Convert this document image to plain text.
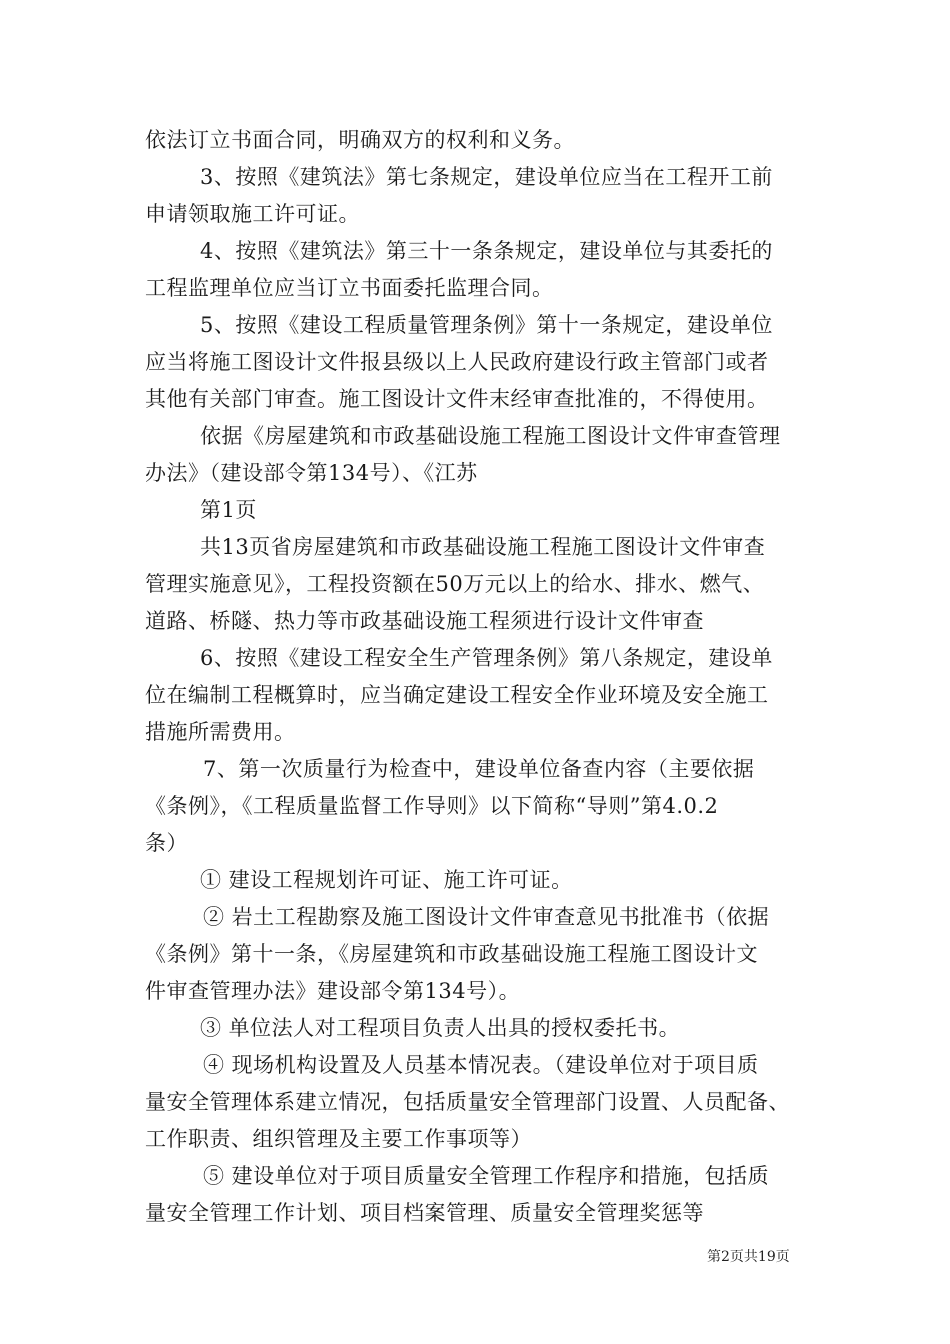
依法订立书面合同，明确双方的权利和义务。
3、按照《建筑法》第七条规定，建设单位应当在工程开工前
申请领取施工许可证。
4、按照《建筑法》第三十一条条规定，建设单位与其委托的
工程监理单位应当订立书面委托监理合同。
5、按照《建设工程质量管理条例》第十一条规定，建设单位
应当将施工图设计文件报县级以上人民政府建设行政主管部门或者
其他有关部门审查。施工图设计文件末经审查批准的，不得使用。
依据《房屋建筑和市政基础设施工程施工图设计文件审查管理
办法》（建设部令第134号）、《江苏
第1页
共13页省房屋建筑和市政基础设施工程施工图设计文件审查
管理实施意见》，工程投资额在50万元以上的给水、排水、燃气、
道路、桥隧、热力等市政基础设施工程须进行设计文件审查
6、按照《建设工程安全生产管理条例》第八条规定，建设单
位在编制工程概算时，应当确定建设工程安全作业环境及安全施工
措施所需费用。
7、第一次质量行为检查中，建设单位备查内容（主要依据
《条例》，《工程质量监督工作导则》以下简称“导则”第4.0.2
条）
① 建设工程规划许可证、施工许可证。
② 岩土工程勘察及施工图设计文件审查意见书批准书（依据
《条例》第十一条，《房屋建筑和市政基础设施工程施工图设计文
件审查管理办法》建设部令第134号）。
③ 单位法人对工程项目负责人出具的授权委托书。
④ 现场机构设置及人员基本情况表。（建设单位对于项目质
量安全管理体系建立情况，包括质量安全管理部门设置、人员配备、
工作职责、组织管理及主要工作事项等）
⑤ 建设单位对于项目质量安全管理工作程序和措施，包括质
量安全管理工作计划、项目档案管理、质量安全管理奖惩等
第2页共19页
